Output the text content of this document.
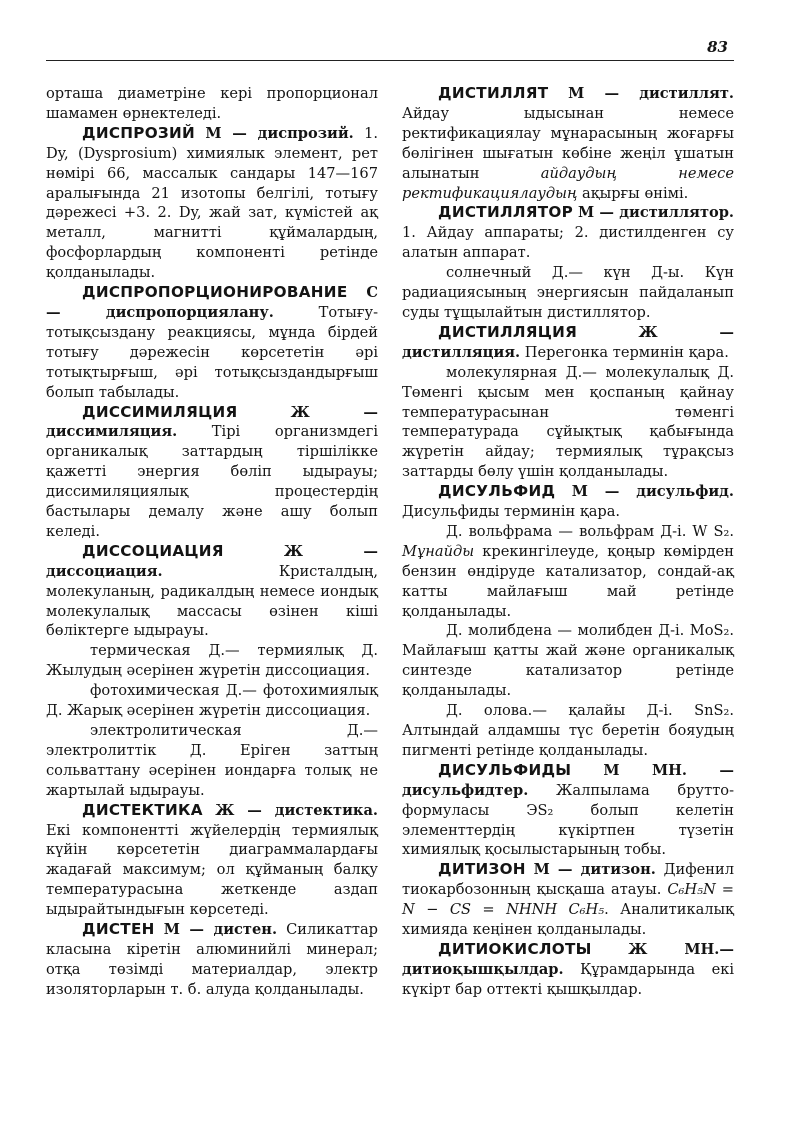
83

орташа диаметріне кері пропорционал шамамен өрнектеледі.

ДИСПРОЗИЙ М — диспрозий. 1. Dy, (Dysprosium) химиялык элемент, рет нөмірі 66, массалык сандары 147—167 аралығында 21 изотопы белгілі, тотығу дәрежесі +3. 2. Dy, жай зат, күмістей ақ металл, магнитті құймалардың, фосфорлардың компоненті ретінде қолданылады.

ДИСПРОПОРЦИОНИРОВАНИЕ С — диспропорциялану.	Тотығу-тотықсыздану реакциясы, мұнда бірдей тотығу дәрежесін көрсететін әрі тотықтырғыш, әрі тотықсыздандырғыш болып табылады.

ДИССИМИЛЯЦИЯ	Ж — диссимиляция. Тірі организмдегі органикалық заттардың тіршілікке қажетті энергия бөліп ыдырауы; диссимиляциялық процестердің бастылары демалу және ашу болып келеді.

ДИССОЦИАЦИЯ	Ж — диссоциация.	Кристалдың, молекуланың, радикалдың немесе иондық молекулалық массасы өзінен кіші бөліктерге ыдырауы.

термическая Д.— термиялық Д. Жылудың әсерінен жүретін диссоциация.

фотохимическая Д.— фотохимиялық Д. Жарық әсерінен жүретін диссоциация.

электролитическая Д.— электролиттік Д. Еріген заттың сольваттану әсерінен иондарға толық не жартылай ыдырауы.

ДИСТЕКТИКА Ж — дистектика. Екі компонентті жүйелердің термиялық күйін көрсететін диаграммалардағы жадағай максимум; ол құйманың балқу температурасына жеткенде аздап ыдырайтындығын көрсетеді.

ДИСТЕН М — дистен. Силикаттар класына кіретін алюминийлі минерал; отқа төзімді материалдар, электр изоляторларын т. б. алуда қолданылады.

ДИСТИЛЛЯТ М — дистиллят. Айдау ыдысынан немесе ректификациялау мұнарасының жоғарғы бөлігінен шығатын көбіне жеңіл ұшатын алынатын айдаудың немесе ректификациялаудың ақырғы өнімі.

ДИСТИЛЛЯТОР М — дистиллятор. 1. Айдау аппараты; 2. дистилденген су алатын аппарат.

солнечный Д.— күн Д-ы. Күн радиациясының энергиясын пайдаланып суды тұщылайтын дистиллятор.

ДИСТИЛЛЯЦИЯ	Ж — дистилляция. Перегонка терминін қара.

молекулярная Д.— молекулалық Д. Төменгі қысым мен қоспаның қайнау температурасынан төменгі температурада сұйықтық қабығында жүретін айдау; термиялық тұрақсыз заттарды бөлу үшін қолданылады.

ДИСУЛЬФИД М — дисульфид. Дисульфиды терминін қара.

Д. вольфрама — вольфрам Д-і. W S₂. Мұнайды крекингілеуде, қоңыр көмірден бензин өндіруде катализатор, сондай-ақ катты майлағыш май ретінде қолданылады.

Д. молибдена — молибден Д-і. MoS₂. Майлағыш қатты жай және органикалық синтезде катализатор ретінде қолданылады.

Д. олова.— қалайы Д-і. SnS₂. Алтындай алдамшы түс беретін бояудың пигменті ретінде қолданылады.

ДИСУЛЬФИДЫ М МН. — дисульфидтер. Жалпылама брутто-формуласы ЭS₂ болып келетін элементтердің күкіртпен түзетін химиялық қосылыстарының тобы.

ДИТИЗОН М — дитизон. Дифенил тиокарбозонның қысқаша атауы. C₆H₅N = N − CS = NHNH C₆H₅. Аналитикалық химияда кеңінен қолданылады.

ДИТИОКИСЛОТЫ	Ж МН.— дитиоқышқылдар. Құрамдарында екі күкірт бар оттекті қышқылдар.
